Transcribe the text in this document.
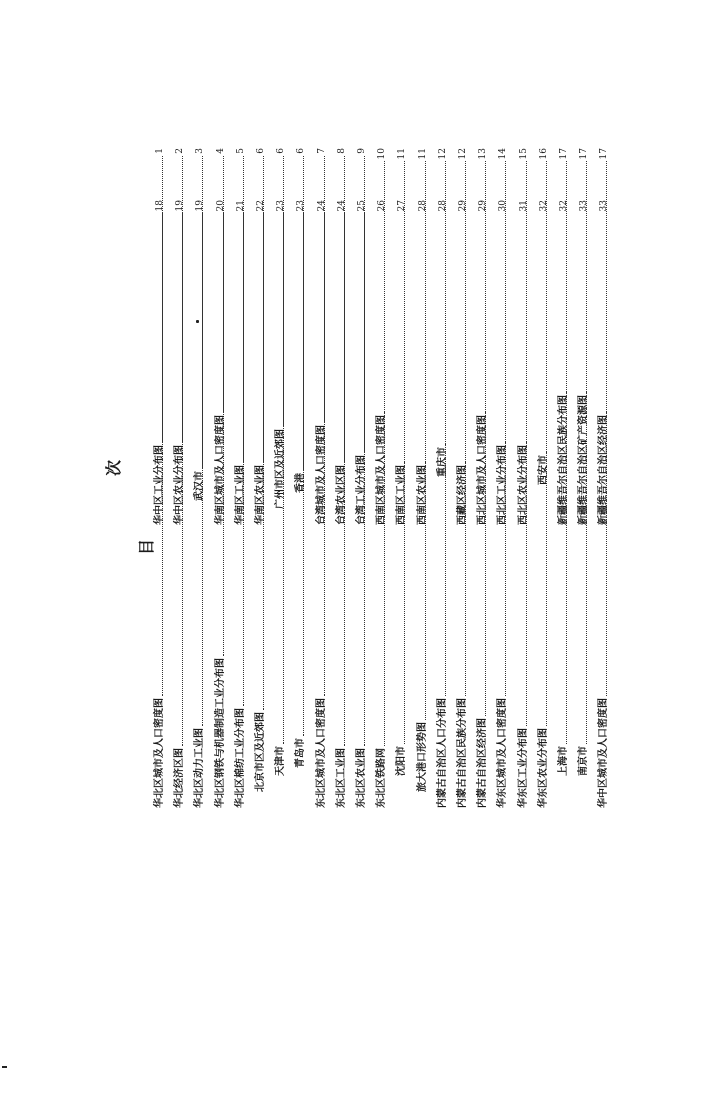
目
次
华北区城市及人口密度图
1
华北经济区图
2
华北区动力工业图
3
华北区钢铁与机器制造工业分布图
4
华北区棉纺工业分布图
5
北京市区及近郊图
6
天津市
6
青岛市
6
东北区城市及人口密度图
7
东北区工业图
8
东北区农业图
9
东北区铁路网
10
沈阳市
11
旅大港口形势图
11
内蒙古自治区人口分布图
12
内蒙古自治区民族分布图
12
内蒙古自治区经济图
13
华东区城市及人口密度图
14
华东区工业分布图
15
华东区农业分布图
16
上海市
17
南京市
17
华中区城市及人口密度图
17
华中区工业分布图
18
华中区农业分布图
19
武汉市
19
华南区城市及人口密度图
20
华南区工业图
21
华南区农业图
22
广州市区及近郊图
23
香港
23
台湾城市及人口密度图
24
台湾农业区图
24
台湾工业分布图
25
西南区城市及人口密度图
26
西南区工业图
27
西南区农业图
28
重庆市
28
西藏区经济图
29
西北区城市及人口密度图
29
西北区工业分布图
30
西北区农业分布图
31
西安市
32
新疆维吾尔自治区民族分布图
32
新疆维吾尔自治区矿产资源图
33
新疆维吾尔自治区经济图
33
